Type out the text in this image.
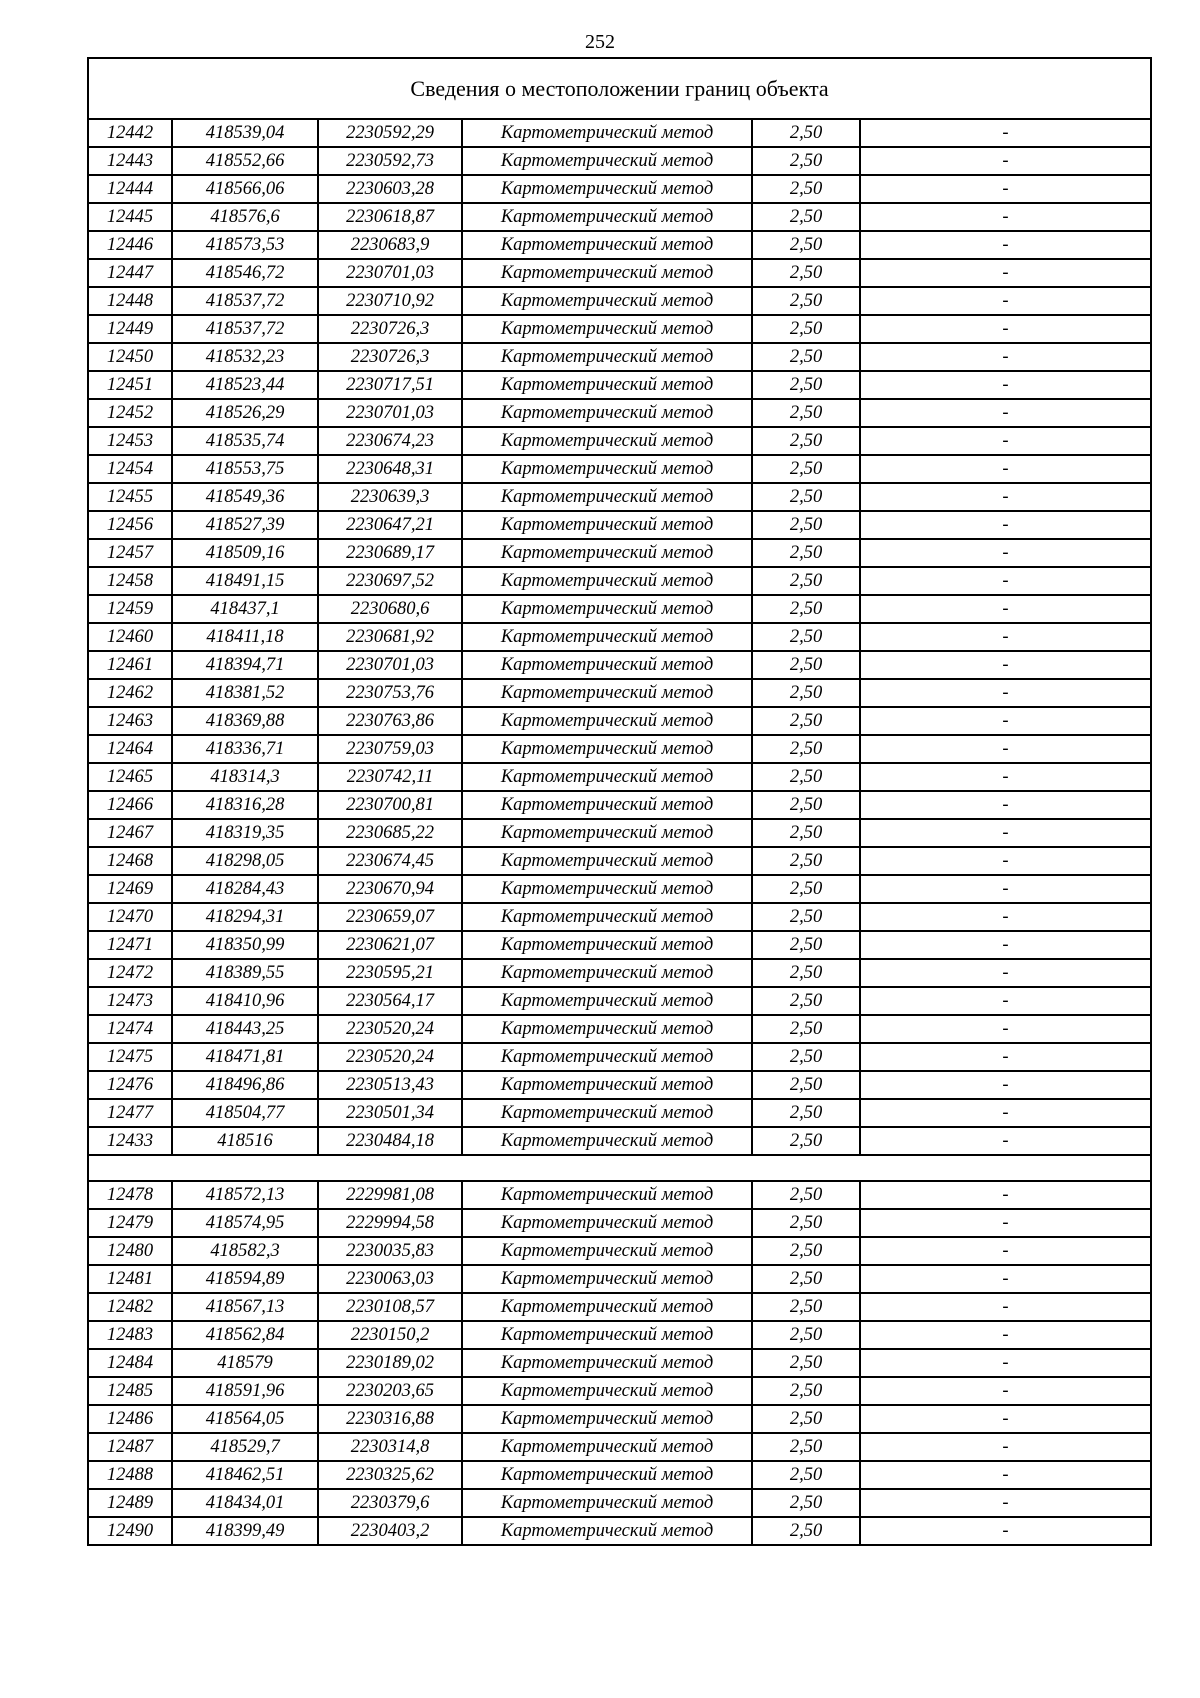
252
Сведения о местоположении границ объекта					
12442	418539,04	2230592,29	Картометрический метод	2,50	-
12443	418552,66	2230592,73	Картометрический метод	2,50	-
12444	418566,06	2230603,28	Картометрический метод	2,50	-
12445	418576,6	2230618,87	Картометрический метод	2,50	-
12446	418573,53	2230683,9	Картометрический метод	2,50	-
12447	418546,72	2230701,03	Картометрический метод	2,50	-
12448	418537,72	2230710,92	Картометрический метод	2,50	-
12449	418537,72	2230726,3	Картометрический метод	2,50	-
12450	418532,23	2230726,3	Картометрический метод	2,50	-
12451	418523,44	2230717,51	Картометрический метод	2,50	-
12452	418526,29	2230701,03	Картометрический метод	2,50	-
12453	418535,74	2230674,23	Картометрический метод	2,50	-
12454	418553,75	2230648,31	Картометрический метод	2,50	-
12455	418549,36	2230639,3	Картометрический метод	2,50	-
12456	418527,39	2230647,21	Картометрический метод	2,50	-
12457	418509,16	2230689,17	Картометрический метод	2,50	-
12458	418491,15	2230697,52	Картометрический метод	2,50	-
12459	418437,1	2230680,6	Картометрический метод	2,50	-
12460	418411,18	2230681,92	Картометрический метод	2,50	-
12461	418394,71	2230701,03	Картометрический метод	2,50	-
12462	418381,52	2230753,76	Картометрический метод	2,50	-
12463	418369,88	2230763,86	Картометрический метод	2,50	-
12464	418336,71	2230759,03	Картометрический метод	2,50	-
12465	418314,3	2230742,11	Картометрический метод	2,50	-
12466	418316,28	2230700,81	Картометрический метод	2,50	-
12467	418319,35	2230685,22	Картометрический метод	2,50	-
12468	418298,05	2230674,45	Картометрический метод	2,50	-
12469	418284,43	2230670,94	Картометрический метод	2,50	-
12470	418294,31	2230659,07	Картометрический метод	2,50	-
12471	418350,99	2230621,07	Картометрический метод	2,50	-
12472	418389,55	2230595,21	Картометрический метод	2,50	-
12473	418410,96	2230564,17	Картометрический метод	2,50	-
12474	418443,25	2230520,24	Картометрический метод	2,50	-
12475	418471,81	2230520,24	Картометрический метод	2,50	-
12476	418496,86	2230513,43	Картометрический метод	2,50	-
12477	418504,77	2230501,34	Картометрический метод	2,50	-
12433	418516	2230484,18	Картометрический метод	2,50	-

12478	418572,13	2229981,08	Картометрический метод	2,50	-
12479	418574,95	2229994,58	Картометрический метод	2,50	-
12480	418582,3	2230035,83	Картометрический метод	2,50	-
12481	418594,89	2230063,03	Картометрический метод	2,50	-
12482	418567,13	2230108,57	Картометрический метод	2,50	-
12483	418562,84	2230150,2	Картометрический метод	2,50	-
12484	418579	2230189,02	Картометрический метод	2,50	-
12485	418591,96	2230203,65	Картометрический метод	2,50	-
12486	418564,05	2230316,88	Картометрический метод	2,50	-
12487	418529,7	2230314,8	Картометрический метод	2,50	-
12488	418462,51	2230325,62	Картометрический метод	2,50	-
12489	418434,01	2230379,6	Картометрический метод	2,50	-
12490	418399,49	2230403,2	Картометрический метод	2,50	-
